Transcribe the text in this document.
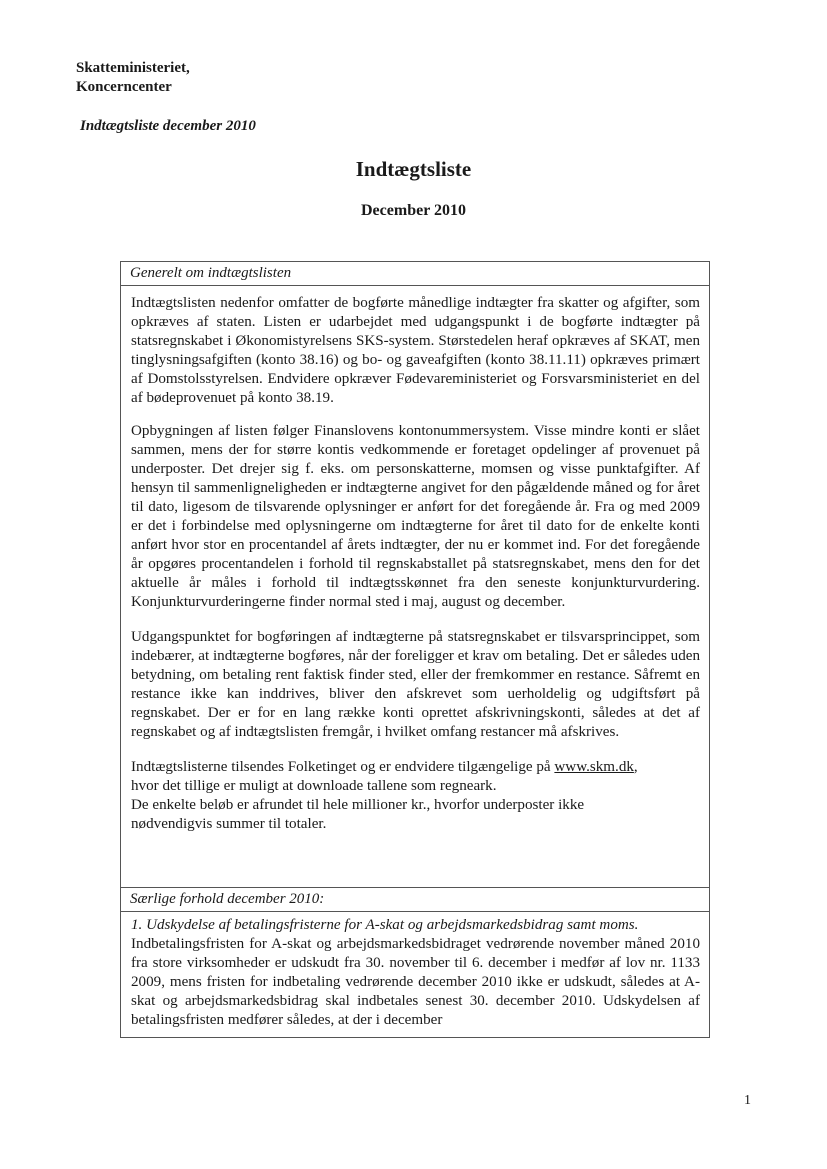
Skatteministeriet,
Koncerncenter
Indtægtsliste december 2010
Indtægtsliste
December 2010
Generelt om indtægtslisten

Indtægtslisten nedenfor omfatter de bogførte månedlige indtægter fra skatter og afgifter, som opkræves af staten. Listen er udarbejdet med udgangspunkt i de bogførte indtægter på statsregnskabet i Økonomistyrelsens SKS-system. Størstedelen heraf opkræves af SKAT, men tinglysningsafgiften (konto 38.16) og bo- og gaveafgiften (konto 38.11.11) opkræves primært af Domstolsstyrelsen. Endvidere opkræver Fødevareministeriet og Forsvarsministeriet en del af bødeprovenuet på konto 38.19.

Opbygningen af listen følger Finanslovens kontonummersystem. Visse mindre konti er slået sammen, mens der for større kontis vedkommende er foretaget opdelinger af provenuet på underposter. Det drejer sig f. eks. om personskatterne, momsen og visse punktafgifter. Af hensyn til sammenligneligheden er indtægterne angivet for den pågældende måned og for året til dato, ligesom de tilsvarende oplysninger er anført for det foregående år. Fra og med 2009 er det i forbindelse med oplysningerne om indtægterne for året til dato for de enkelte konti anført hvor stor en procentandel af årets indtægter, der nu er kommet ind. For det foregående år opgøres procentandelen i forhold til regnskabstallet på statsregnskabet, mens den for det aktuelle år måles i forhold til indtægtsskønnet fra den seneste konjunkturvurdering. Konjunkturvurderingerne finder normal sted i maj, august og december.

Udgangspunktet for bogføringen af indtægterne på statsregnskabet er tilsvarsprincippet, som indebærer, at indtægterne bogføres, når der foreligger et krav om betaling. Det er således uden betydning, om betaling rent faktisk finder sted, eller der fremkommer en restance. Såfremt en restance ikke kan inddrives, bliver den afskrevet som uerholdelig og udgiftsført på regnskabet. Der er for en lang række konti oprettet afskrivningskonti, således at det af regnskabet og af indtægtslisten fremgår, i hvilket omfang restancer må afskrives.

Indtægtslisterne tilsendes Folketinget og er endvidere tilgængelige på www.skm.dk,

hvor det tillige er muligt at downloade tallene som regneark.

De enkelte beløb er afrundet til hele millioner kr., hvorfor underposter ikke

nødvendigvis summer til totaler.

Særlige forhold december 2010:

1. Udskydelse af betalingsfristerne for A-skat og arbejdsmarkedsbidrag samt moms.

Indbetalingsfristen for A-skat og arbejdsmarkedsbidraget vedrørende november måned 2010 fra store virksomheder er udskudt fra 30. november til 6. december i medfør af lov nr. 1133 2009, mens fristen for indbetaling vedrørende december 2010 ikke er udskudt, således at A-skat og arbejdsmarkedsbidrag skal indbetales senest 30. december 2010. Udskydelsen af betalingsfristen medfører således, at der i december

1
